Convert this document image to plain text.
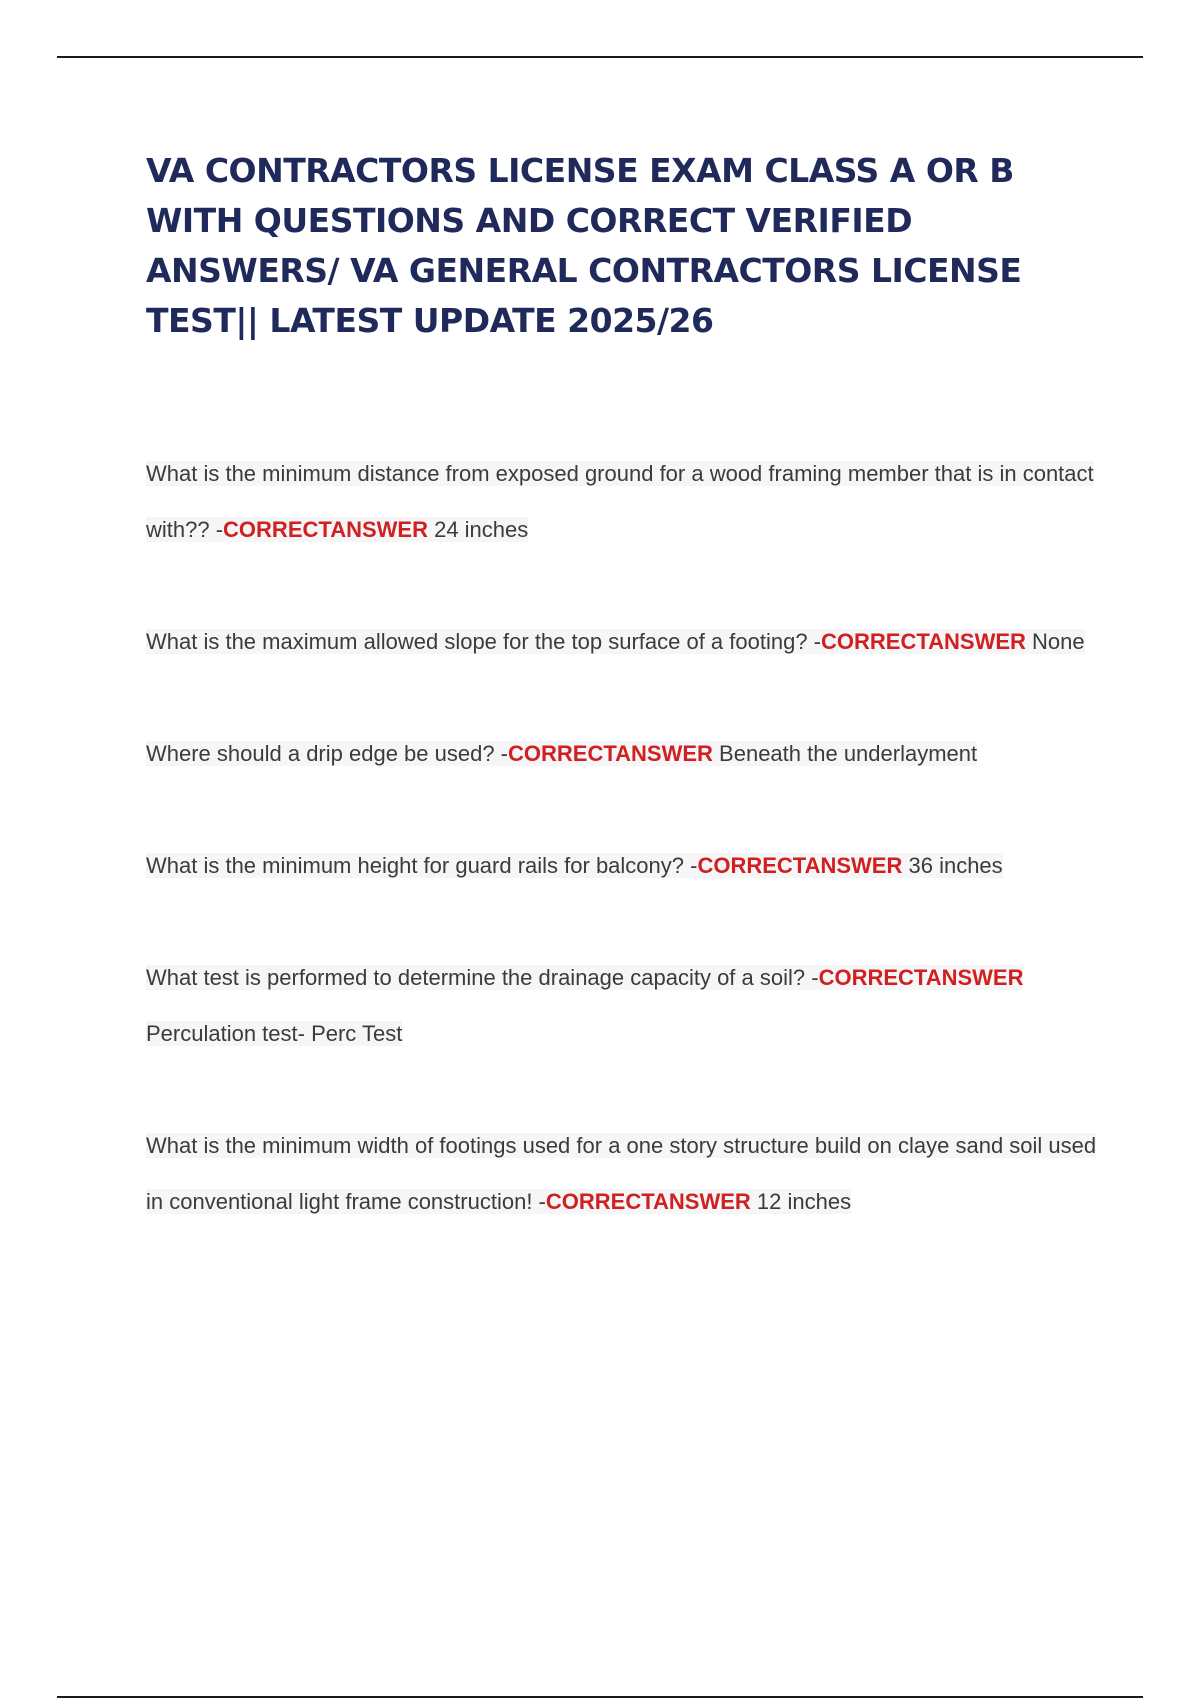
VA CONTRACTORS LICENSE EXAM CLASS A OR B WITH QUESTIONS AND CORRECT VERIFIED ANSWERS/ VA GENERAL CONTRACTORS LICENSE TEST|| LATEST UPDATE 2025/26

What is the minimum distance from exposed ground for a wood framing member that is in contact with?? -CORRECTANSWER 24 inches

What is the maximum allowed slope for the top surface of a footing? -CORRECTANSWER None

Where should a drip edge be used? -CORRECTANSWER Beneath the underlayment

What is the minimum height for guard rails for balcony? -CORRECTANSWER 36 inches

What test is performed to determine the drainage capacity of a soil? -CORRECTANSWER Perculation test- Perc Test

What is the minimum width of footings used for a one story structure build on claye sand soil used in conventional light frame construction! -CORRECTANSWER 12 inches
